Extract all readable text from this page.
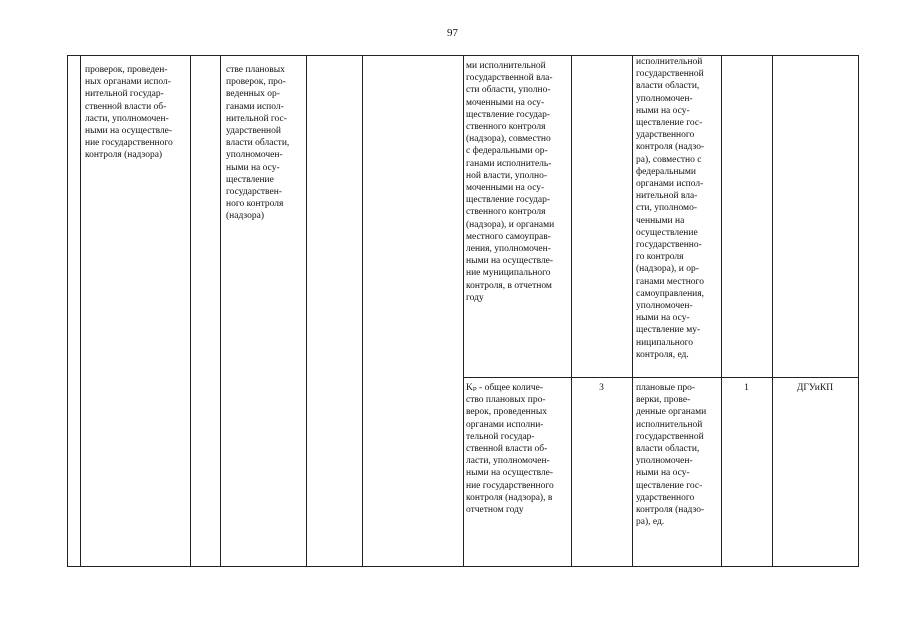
97
проверок, проведен-
ных органами испол-
нительной государ-
ственной власти об-
ласти, уполномочен-
ными на осуществле-
ние государственного
контроля (надзора)
стве плановых
проверок, про-
веденных ор-
ганами испол-
нительной гос-
ударственной
власти области,
уполномочен-
ными на осу-
ществление
государствен-
ного контроля
(надзора)
ми исполнительной
государственной вла-
сти области, уполно-
моченными на осу-
ществление государ-
ственного контроля
(надзора), совместно
с федеральными ор-
ганами исполнитель-
ной власти, уполно-
моченными на осу-
ществление государ-
ственного контроля
(надзора), и органами
местного самоуправ-
ления, уполномочен-
ными на осуществле-
ние муниципального
контроля, в отчетном
году
исполнительной
государственной
власти области,
уполномочен-
ными на осу-
ществление гос-
ударственного
контроля (надзо-
ра), совместно с
федеральными
органами испол-
нительной вла-
сти, уполномо-
ченными на
осуществление
государственно-
го контроля
(надзора), и ор-
ганами местного
самоуправления,
уполномочен-
ными на осу-
ществление му-
ниципального
контроля, ед.
Kₚ - общее количе-
ство плановых про-
верок, проведенных
органами исполни-
тельной государ-
ственной власти об-
ласти, уполномочен-
ными на осуществле-
ние государственного
контроля (надзора), в
отчетном году
3	плановые про-
верки, прове-
денные органами
исполнительной
государственной
власти области,
уполномочен-
ными на осу-
ществление гос-
ударственного
контроля (надзо-
ра), ед.
1	ДГУиКП
